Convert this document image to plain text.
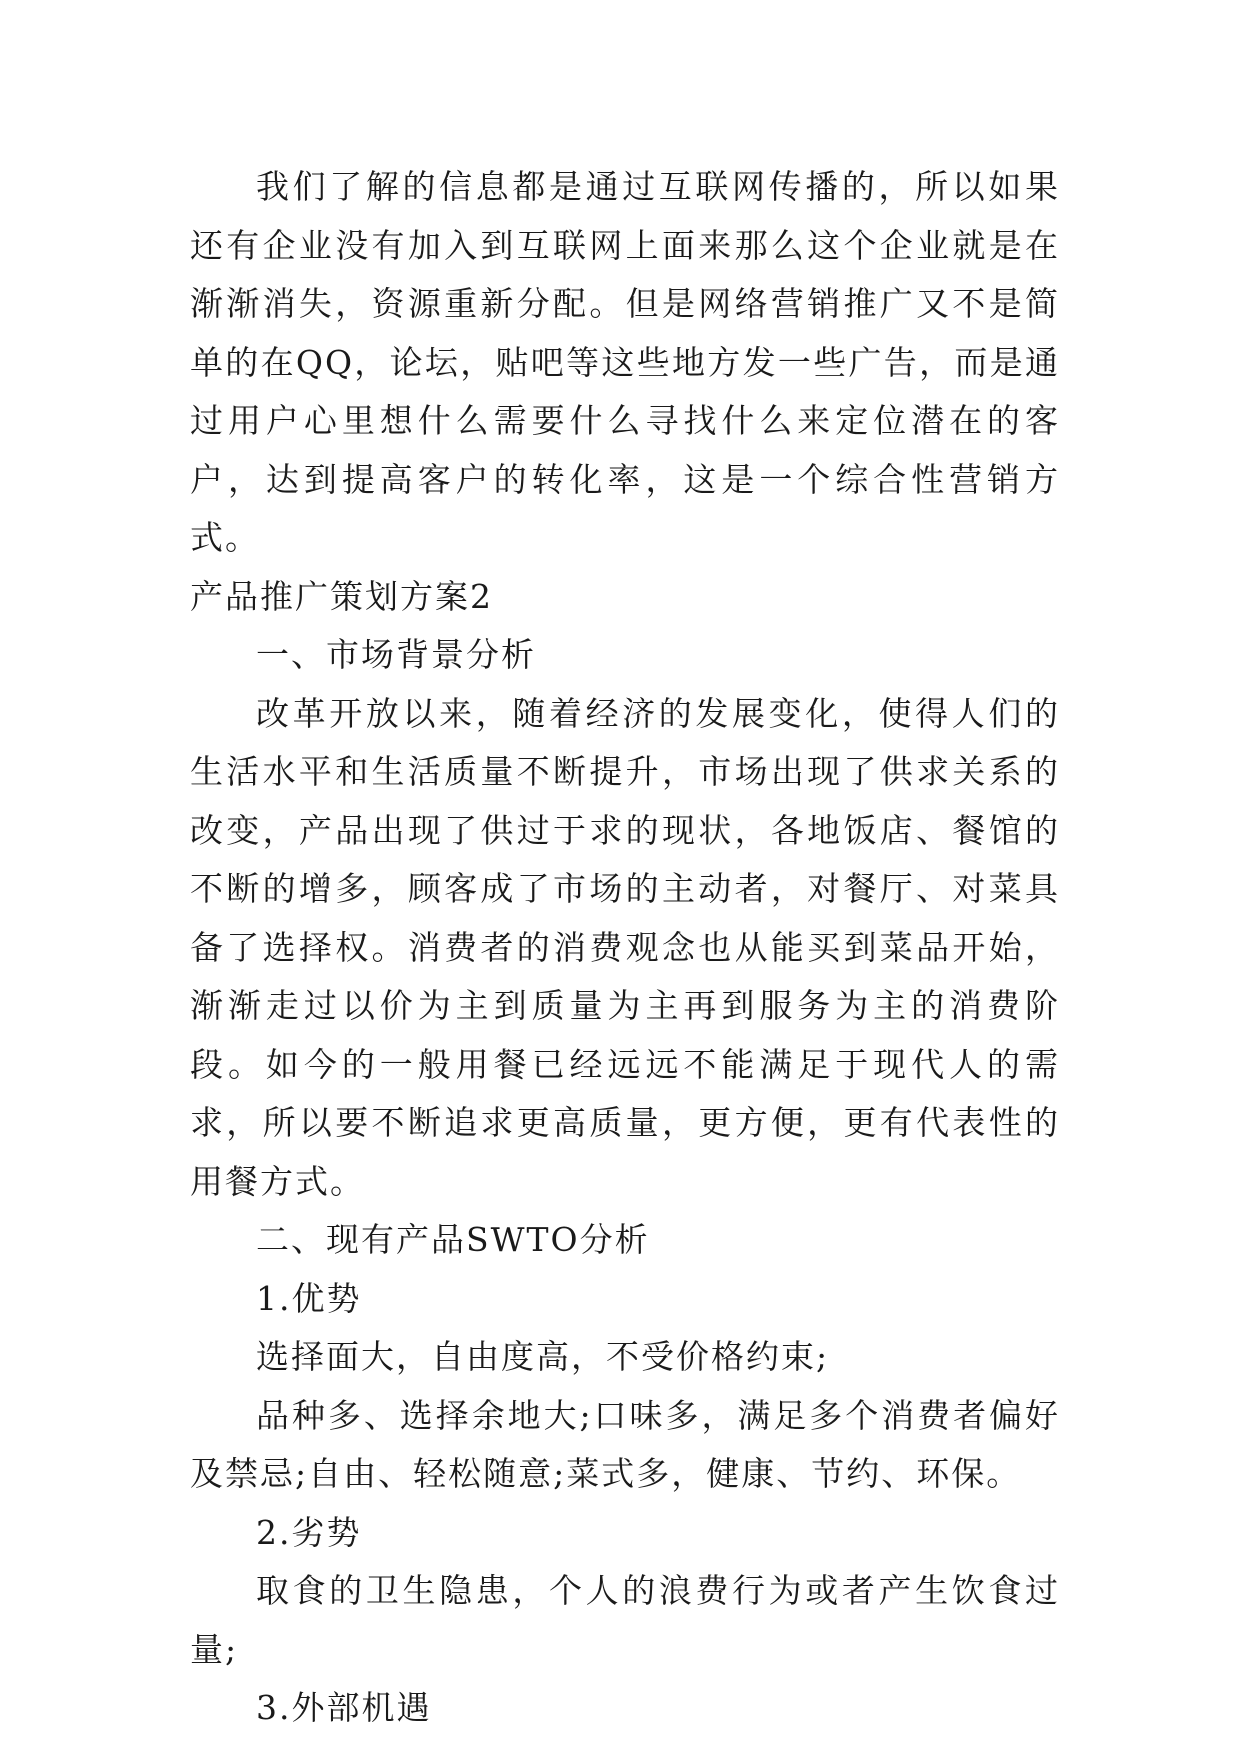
我们了解的信息都是通过互联网传播的，所以如果还有企业没有加入到互联网上面来那么这个企业就是在渐渐消失，资源重新分配。但是网络营销推广又不是简单的在QQ，论坛，贴吧等这些地方发一些广告，而是通过用户心里想什么需要什么寻找什么来定位潜在的客户，达到提高客户的转化率，这是一个综合性营销方式。

产品推广策划方案2

一、市场背景分析

改革开放以来，随着经济的发展变化，使得人们的生活水平和生活质量不断提升，市场出现了供求关系的改变，产品出现了供过于求的现状，各地饭店、餐馆的不断的增多，顾客成了市场的主动者，对餐厅、对菜具备了选择权。消费者的消费观念也从能买到菜品开始，渐渐走过以价为主到质量为主再到服务为主的消费阶段。如今的一般用餐已经远远不能满足于现代人的需求，所以要不断追求更高质量，更方便，更有代表性的用餐方式。

二、现有产品SWTO分析

1.优势

选择面大，自由度高，不受价格约束;

品种多、选择余地大;口味多，满足多个消费者偏好及禁忌;自由、轻松随意;菜式多，健康、节约、环保。

2.劣势

取食的卫生隐患，个人的浪费行为或者产生饮食过量;

3.外部机遇
